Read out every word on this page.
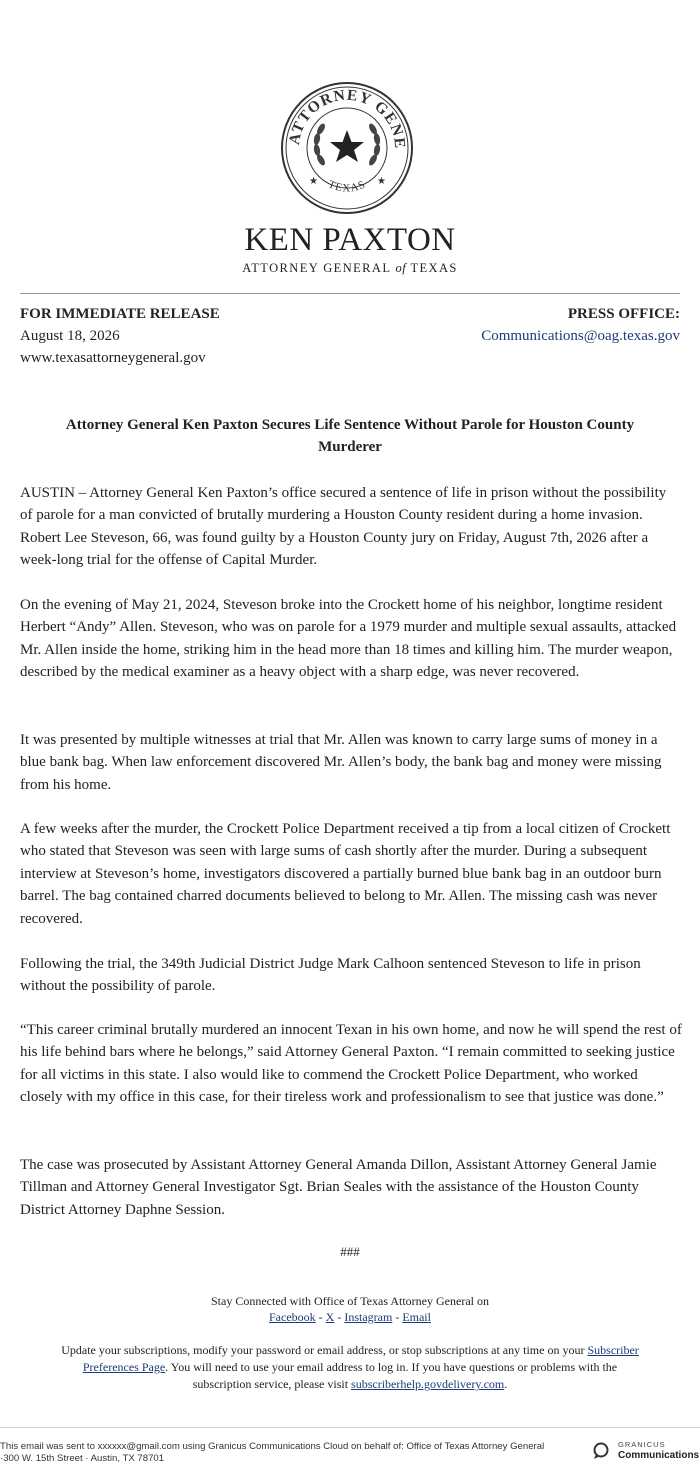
ATTORNEY GENE
TEXAS
★	★
KEN PAXTON
ATTORNEY GENERAL of TEXAS
FOR IMMEDIATE RELEASE
August 18, 2026
www.texasattorneygeneral.gov
PRESS OFFICE:
Communications@oag.texas.gov
Attorney General Ken Paxton Secures Life Sentence Without Parole for Houston County Murderer
AUSTIN – Attorney General Ken Paxton’s office secured a sentence of life in prison without the possibility of parole for a man convicted of brutally murdering a Houston County resident during a home invasion. Robert Lee Steveson, 66, was found guilty by a Houston County jury on Friday, August 7th, 2026 after a week-long trial for the offense of Capital Murder.
On the evening of May 21, 2024, Steveson broke into the Crockett home of his neighbor, longtime resident Herbert “Andy” Allen. Steveson, who was on parole for a 1979 murder and multiple sexual assaults, attacked Mr. Allen inside the home, striking him in the head more than 18 times and killing him. The murder weapon, described by the medical examiner as a heavy object with a sharp edge, was never recovered.
It was presented by multiple witnesses at trial that Mr. Allen was known to carry large sums of money in a blue bank bag. When law enforcement discovered Mr. Allen’s body, the bank bag and money were missing from his home.
A few weeks after the murder, the Crockett Police Department received a tip from a local citizen of Crockett who stated that Steveson was seen with large sums of cash shortly after the murder. During a subsequent interview at Steveson’s home, investigators discovered a partially burned blue bank bag in an outdoor burn barrel. The bag contained charred documents believed to belong to Mr. Allen. The missing cash was never recovered.
Following the trial, the 349th Judicial District Judge Mark Calhoon sentenced Steveson to life in prison without the possibility of parole.
“This career criminal brutally murdered an innocent Texan in his own home, and now he will spend the rest of his life behind bars where he belongs,” said Attorney General Paxton. “I remain committed to seeking justice for all victims in this state. I also would like to commend the Crockett Police Department, who worked closely with my office in this case, for their tireless work and professionalism to see that justice was done.”
The case was prosecuted by Assistant Attorney General Amanda Dillon, Assistant Attorney General Jamie Tillman and Attorney General Investigator Sgt. Brian Seales with the assistance of the Houston County District Attorney Daphne Session.
###
Stay Connected with Office of Texas Attorney General on
Facebook - X - Instagram - Email
Update your subscriptions, modify your password or email address, or stop subscriptions at any time on your Subscriber Preferences Page. You will need to use your email address to log in. If you have questions or problems with the subscription service, please visit subscriberhelp.govdelivery.com.
This email was sent to xxxxxx@gmail.com using Granicus Communications Cloud on behalf of: Office of Texas Attorney General
·300 W. 15th Street · Austin, TX 78701
GRANICUS
Communications
